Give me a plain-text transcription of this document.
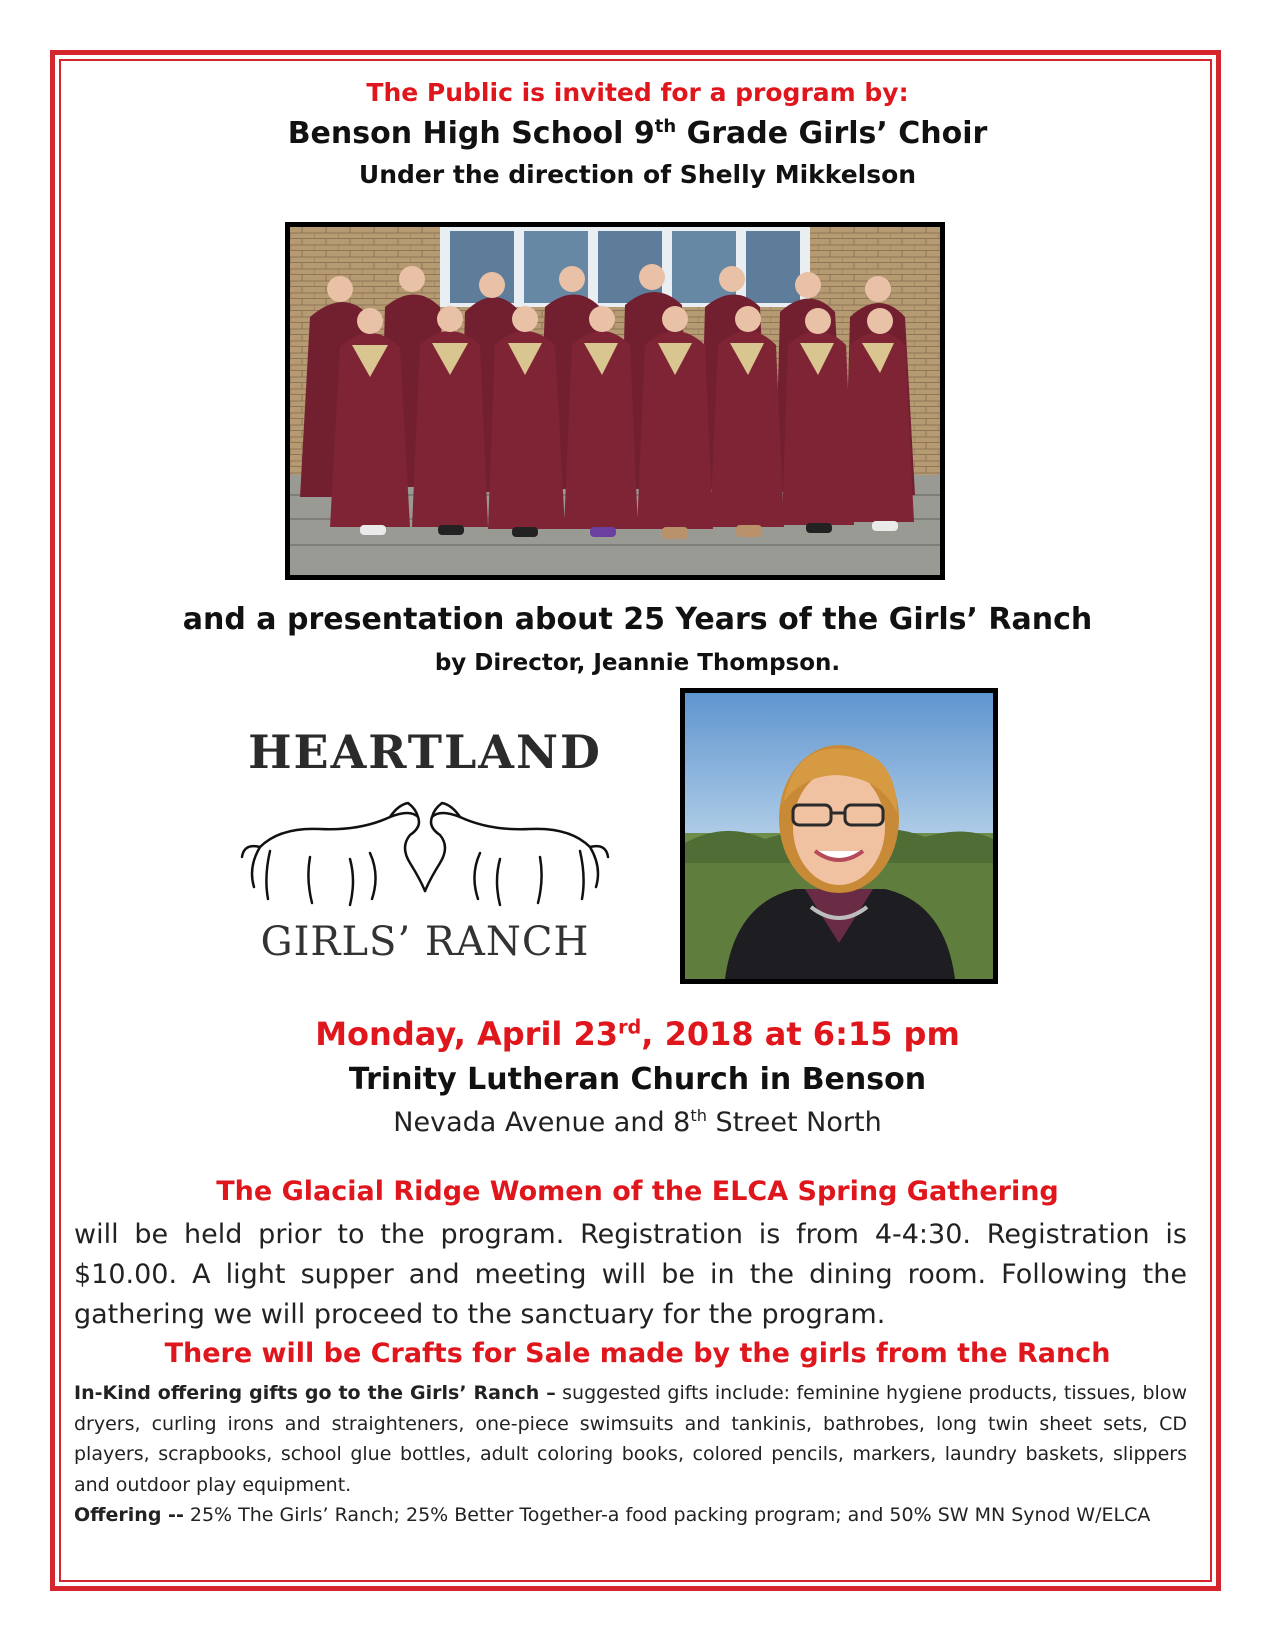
The Public is invited for a program by:
Benson High School 9th Grade Girls’ Choir
Under the direction of Shelly Mikkelson
and a presentation about 25 Years of the Girls’ Ranch
by Director, Jeannie Thompson.
HEARTLAND
GIRLS’ RANCH
Monday, April 23rd, 2018 at 6:15 pm
Trinity Lutheran Church in Benson
Nevada Avenue and 8th Street North
The Glacial Ridge Women of the ELCA Spring Gathering
will be held prior to the program. Registration is from 4-4:30. Registration is $10.00. A light supper and meeting will be in the dining room. Following the gathering we will proceed to the sanctuary for the program.
There will be Crafts for Sale made by the girls from the Ranch
In-Kind offering gifts go to the Girls’ Ranch – suggested gifts include: feminine hygiene products, tissues, blow dryers, curling irons and straighteners, one-piece swimsuits and tankinis, bathrobes, long twin sheet sets, CD players, scrapbooks, school glue bottles, adult coloring books, colored pencils, markers, laundry baskets, slippers and outdoor play equipment.
Offering -- 25% The Girls’ Ranch; 25% Better Together-a food packing program; and 50% SW MN Synod W/ELCA
